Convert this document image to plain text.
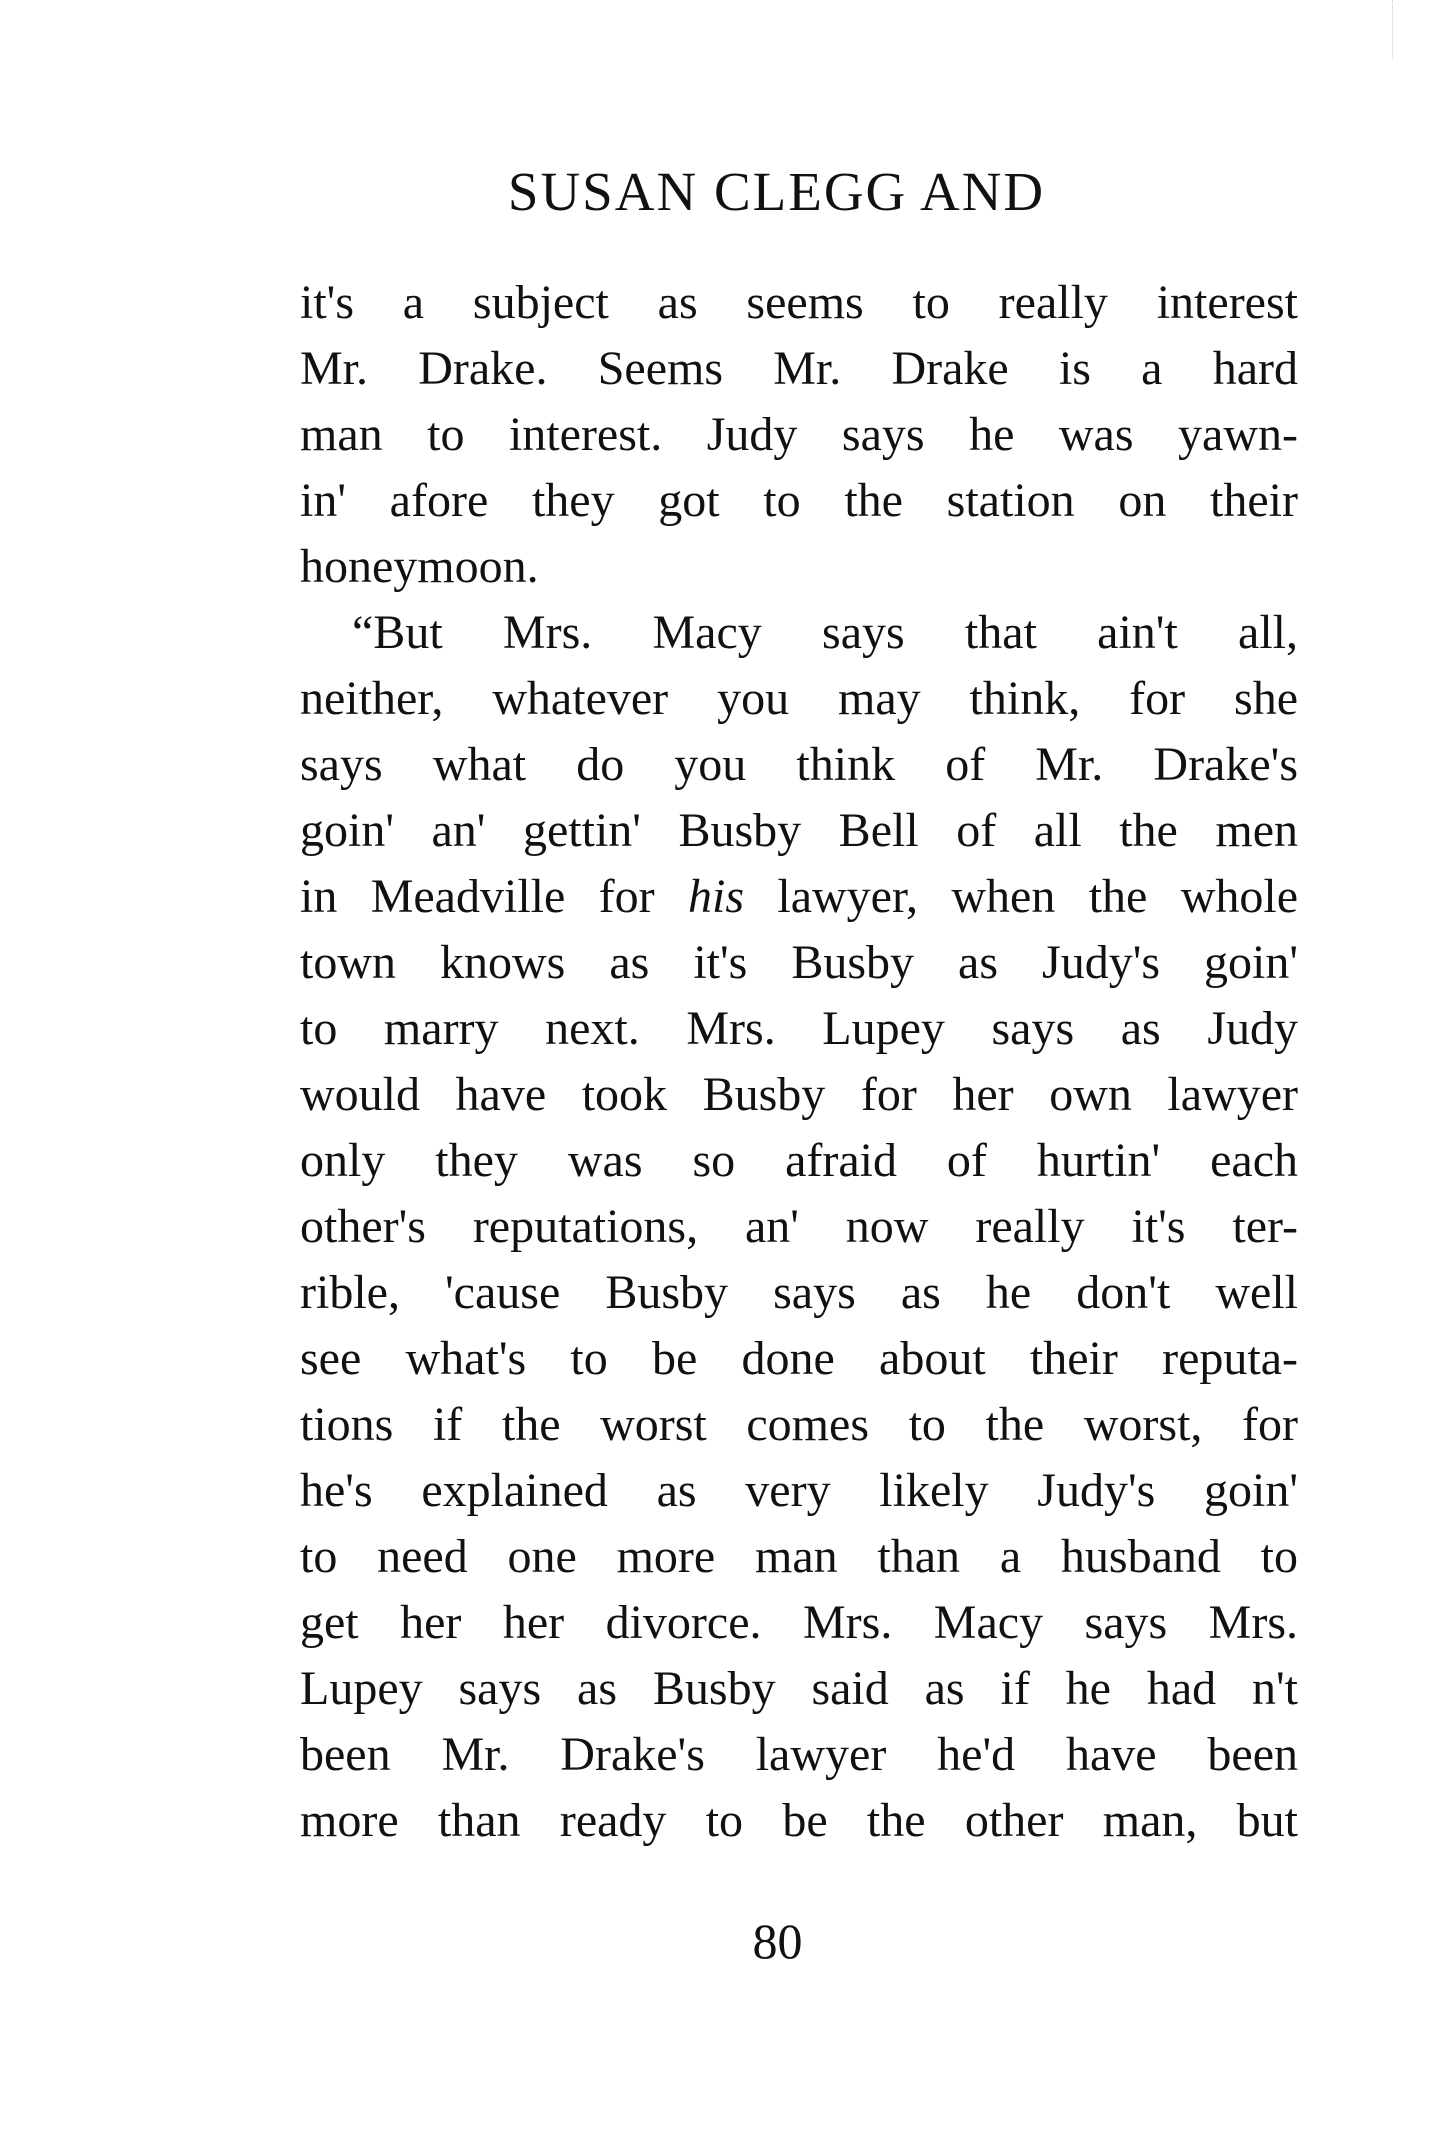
SUSAN CLEGG AND
it's a subject as seems to really interest
Mr. Drake. Seems Mr. Drake is a hard
man to interest. Judy says he was yawn-
in' afore they got to the station on their
honeymoon.
“But Mrs. Macy says that ain't all,
neither, whatever you may think, for she
says what do you think of Mr. Drake's
goin' an' gettin' Busby Bell of all the men
in Meadville for his lawyer, when the whole
town knows as it's Busby as Judy's goin'
to marry next. Mrs. Lupey says as Judy
would have took Busby for her own lawyer
only they was so afraid of hurtin' each
other's reputations, an' now really it's ter-
rible, 'cause Busby says as he don't well
see what's to be done about their reputa-
tions if the worst comes to the worst, for
he's explained as very likely Judy's goin'
to need one more man than a husband to
get her her divorce. Mrs. Macy says Mrs.
Lupey says as Busby said as if he had n't
been Mr. Drake's lawyer he'd have been
more than ready to be the other man, but
80
